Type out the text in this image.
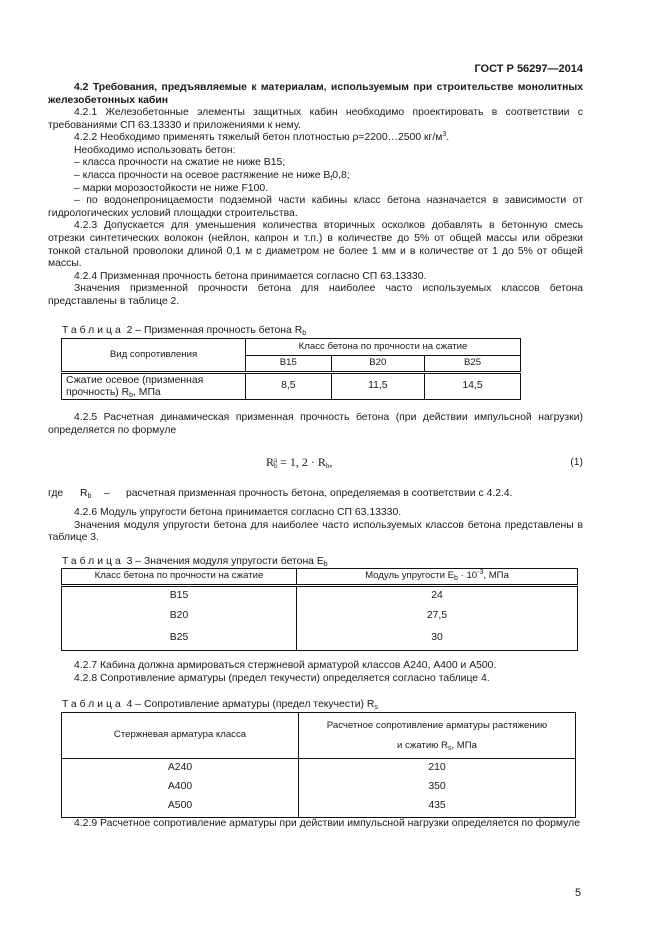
ГОСТ Р 56297—2014

4.2 Требования, предъявляемые к материалам, используемым при строительстве монолитных железобетонных кабин

4.2.1 Железобетонные элементы защитных кабин необходимо проектировать в соответствии с требованиями СП 63.13330 и приложениями к нему.

4.2.2 Необходимо применять тяжелый бетон плотностью ρ=2200…2500 $кг/м^3$.

Необходимо использовать бетон:

– класса прочности на сжатие не ниже В15;

– класса прочности на осевое растяжение не ниже $В_t0,8$;

– марки морозостойкости не ниже F100.

– по водонепроницаемости подземной части кабины класс бетона назначается в зависимости от гидрологических условий площадки строительства.

4.2.3 Допускается для уменьшения количества вторичных осколков добавлять в бетонную смесь отрезки синтетических волокон (нейлон, капрон и т.п.) в количестве до 5% от общей массы или обрезки тонкой стальной проволоки длиной 0,1 м с диаметром не более 1 мм и в количестве от 1 до 5% от общей массы.

4.2.4 Призменная прочность бетона принимается согласно СП 63.13330.

Значения призменной прочности бетона для наиболее часто используемых классов бетона представлены в таблице 2.

Таблица 2 – Призменная прочность бетона $R_b$
Вид сопротивления	Класс бетона по прочности на сжатие		
	В15	В20	В25
Сжатие осевое (призменная прочность) $R_b$, МПа	8,5	11,5	14,5

4.2.5 Расчетная динамическая призменная прочность бетона (при действии импульсной нагрузки) определяется по формуле

$R_b^д = 1$, $2 \cdot R_b$,	(1)
где $R_b$ – расчетная призменная прочность бетона, определяемая в соответствии с 4.2.4.

4.2.6 Модуль упругости бетона принимается согласно СП 63.13330.

Значения модуля упругости бетона для наиболее часто используемых классов бетона представлены в таблице 3.

Таблица 3 – Значения модуля упругости бетона $E_b$
Класс бетона по прочности на сжатие	Модуль упругости $E_b \cdot 10^{-3}$, МПа
В15	24
В20	27,5
В25	30

4.2.7 Кабина должна армироваться стержневой арматурой классов А240, А400 и А500.

4.2.8 Сопротивление арматуры (предел текучести) определяется согласно таблице 4.

Таблица 4 – Сопротивление арматуры (предел текучести) $R_s$
Стержневая арматура класса	Расчетное сопротивление арматуры растяжению
и сжатию $R_s$, МПа
А240	210
А400	350
А500	435

4.2.9 Расчетное сопротивление арматуры при действии импульсной нагрузки определяется по формуле

5
